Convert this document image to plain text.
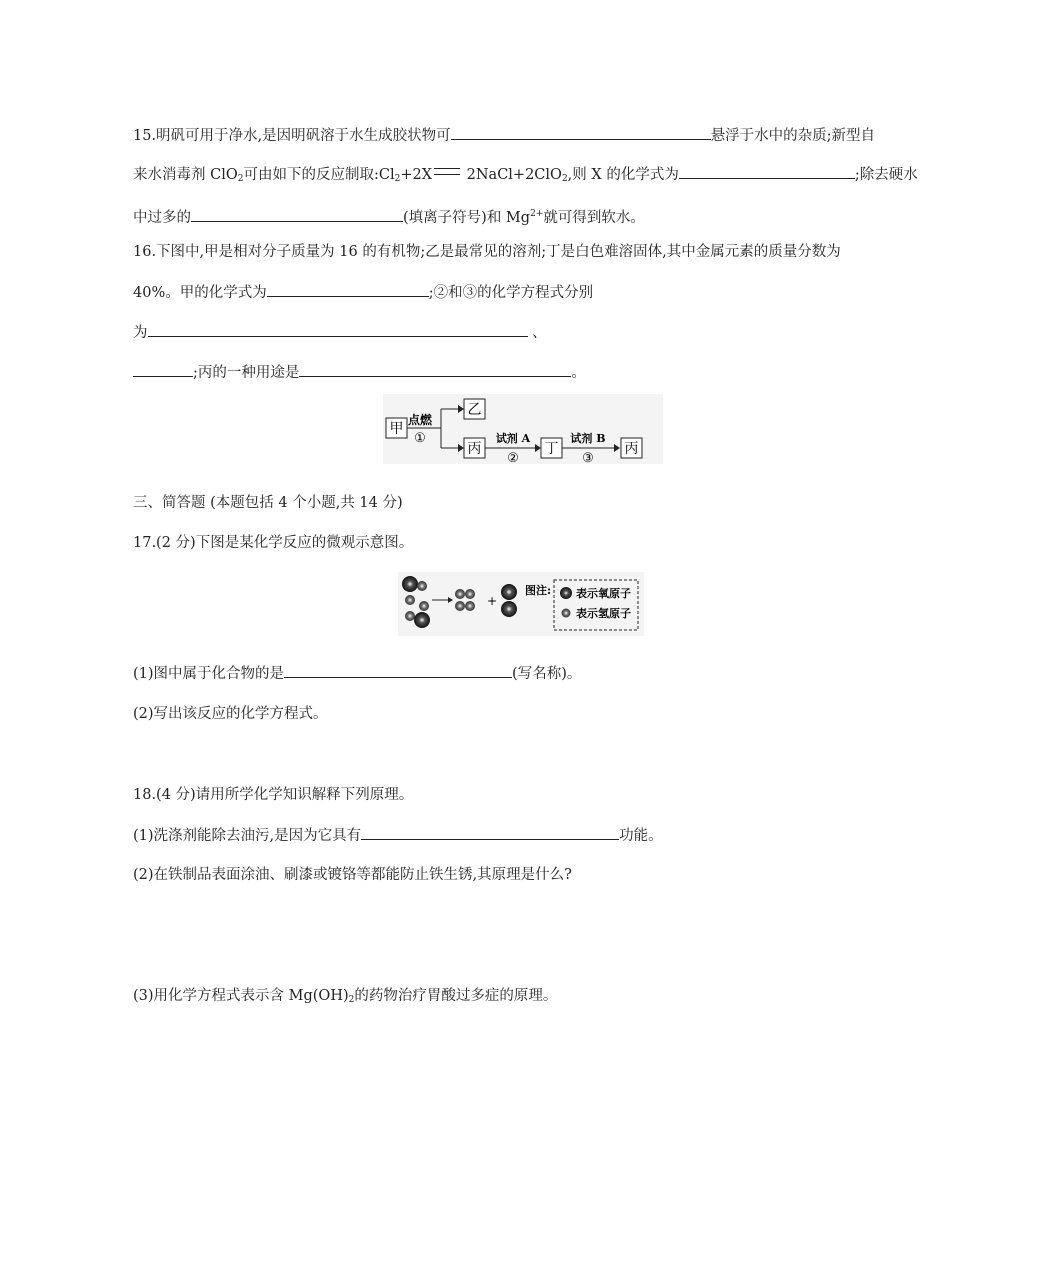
15.明矾可用于净水,是因明矾溶于水生成胶状物可	悬浮于水中的杂质;新型自
来水消毒剂 ClO$_2$可由如下的反应制取$:Cl_2+2X$ 2NaCl+2ClO$_2$,则 X 的化学式为	;除去硬水
中过多的	(填离子符号)和 $Mg^{2+}$就可得到软水。
16.下图中,甲是相对分子质量为 16 的有机物;乙是最常见的溶剂;丁是白色难溶固体,其中金属元素的质量分数为
40%。甲的化学式为	;②和③的化学方程式分别
为	、
;丙的一种用途是	。
甲
点燃
①
乙
丙
试剂 A
②
丁
试剂 B
③
丙
三、简答题 (本题包括 4 个小题,共 14 分)
17.(2 分)下图是某化学反应的微观示意图。
+
图注: 表示氧原子
表示氢原子
(1)图中属于化合物的是	(写名称)。
(2)写出该反应的化学方程式。
18.(4 分)请用所学化学知识解释下列原理。
(1)洗涤剂能除去油污,是因为它具有	功能。
(2)在铁制品表面涂油、刷漆或镀铬等都能防止铁生锈,其原理是什么?
(3)用化学方程式表示含 $Mg(OH)_2$的药物治疗胃酸过多症的原理。
